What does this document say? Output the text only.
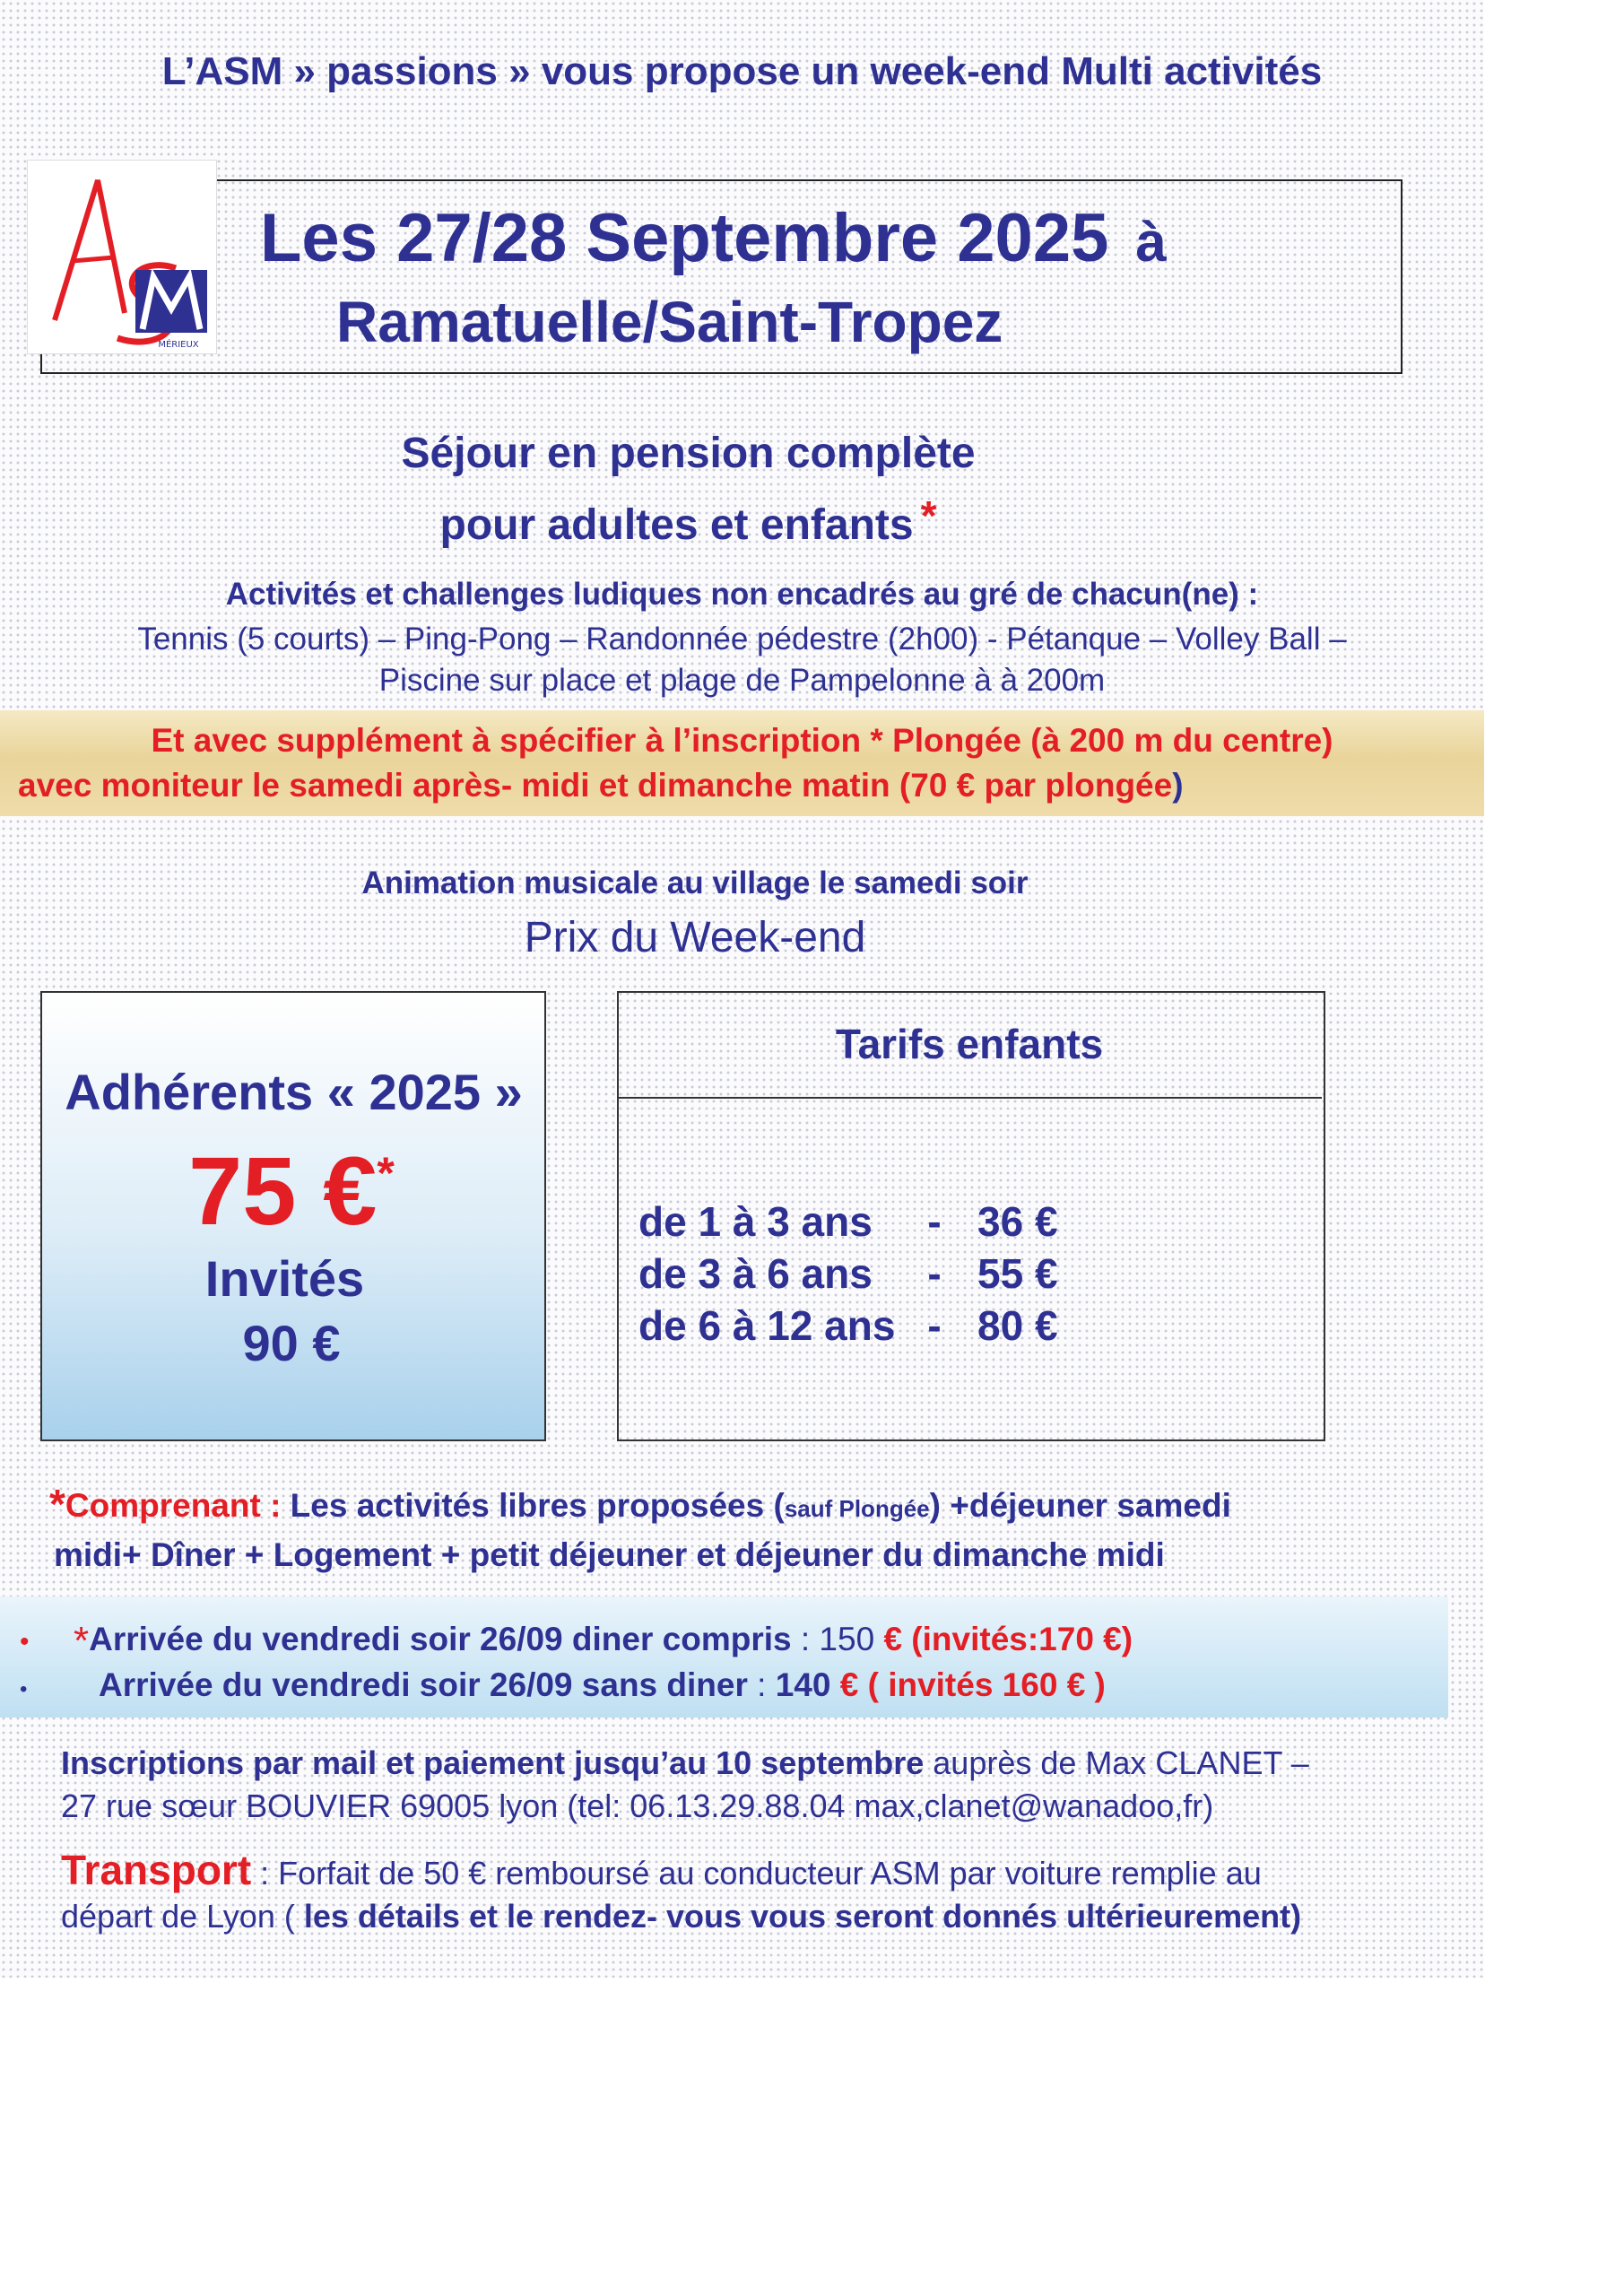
L’ASM » passions » vous propose un week-end Multi activités
Les 27/28 Septembre 2025 à
Ramatuelle/Saint-Tropez
MÉRIEUX
Séjour en pension complète
pour adultes et enfants *
Activités et challenges ludiques non encadrés au gré de chacun(ne) :
Tennis (5 courts) – Ping-Pong – Randonnée pédestre (2h00) - Pétanque – Volley Ball –
Piscine sur place et plage de Pampelonne à à 200m
Et avec supplément à spécifier à l’inscription * Plongée (à 200 m du centre)
avec moniteur le samedi après- midi et dimanche matin (70 € par plongée)
Animation musicale au village le samedi soir
Prix du Week-end
Adhérents « 2025 »
75 €*
Invités
90 €
Tarifs enfants
de 1 à 3 ans - 36 €
de 3 à 6 ans - 55 €
de 6 à 12 ans - 80 €
*Comprenant : Les activités libres proposées (sauf Plongée) +déjeuner samedi
midi+ Dîner + Logement + petit déjeuner et déjeuner du dimanche midi
• *Arrivée du vendredi soir 26/09 diner compris : 150 € (invités:170 €)
• Arrivée du vendredi soir 26/09 sans diner : 140 € ( invités 160 € )
Inscriptions par mail et paiement jusqu’au 10 septembre auprès de Max CLANET –
27 rue sœur BOUVIER 69005 lyon (tel: 06.13.29.88.04 max,clanet@wanadoo,fr)
Transport : Forfait de 50 € remboursé au conducteur ASM par voiture remplie au
départ de Lyon ( les détails et le rendez- vous vous seront donnés ultérieurement)
